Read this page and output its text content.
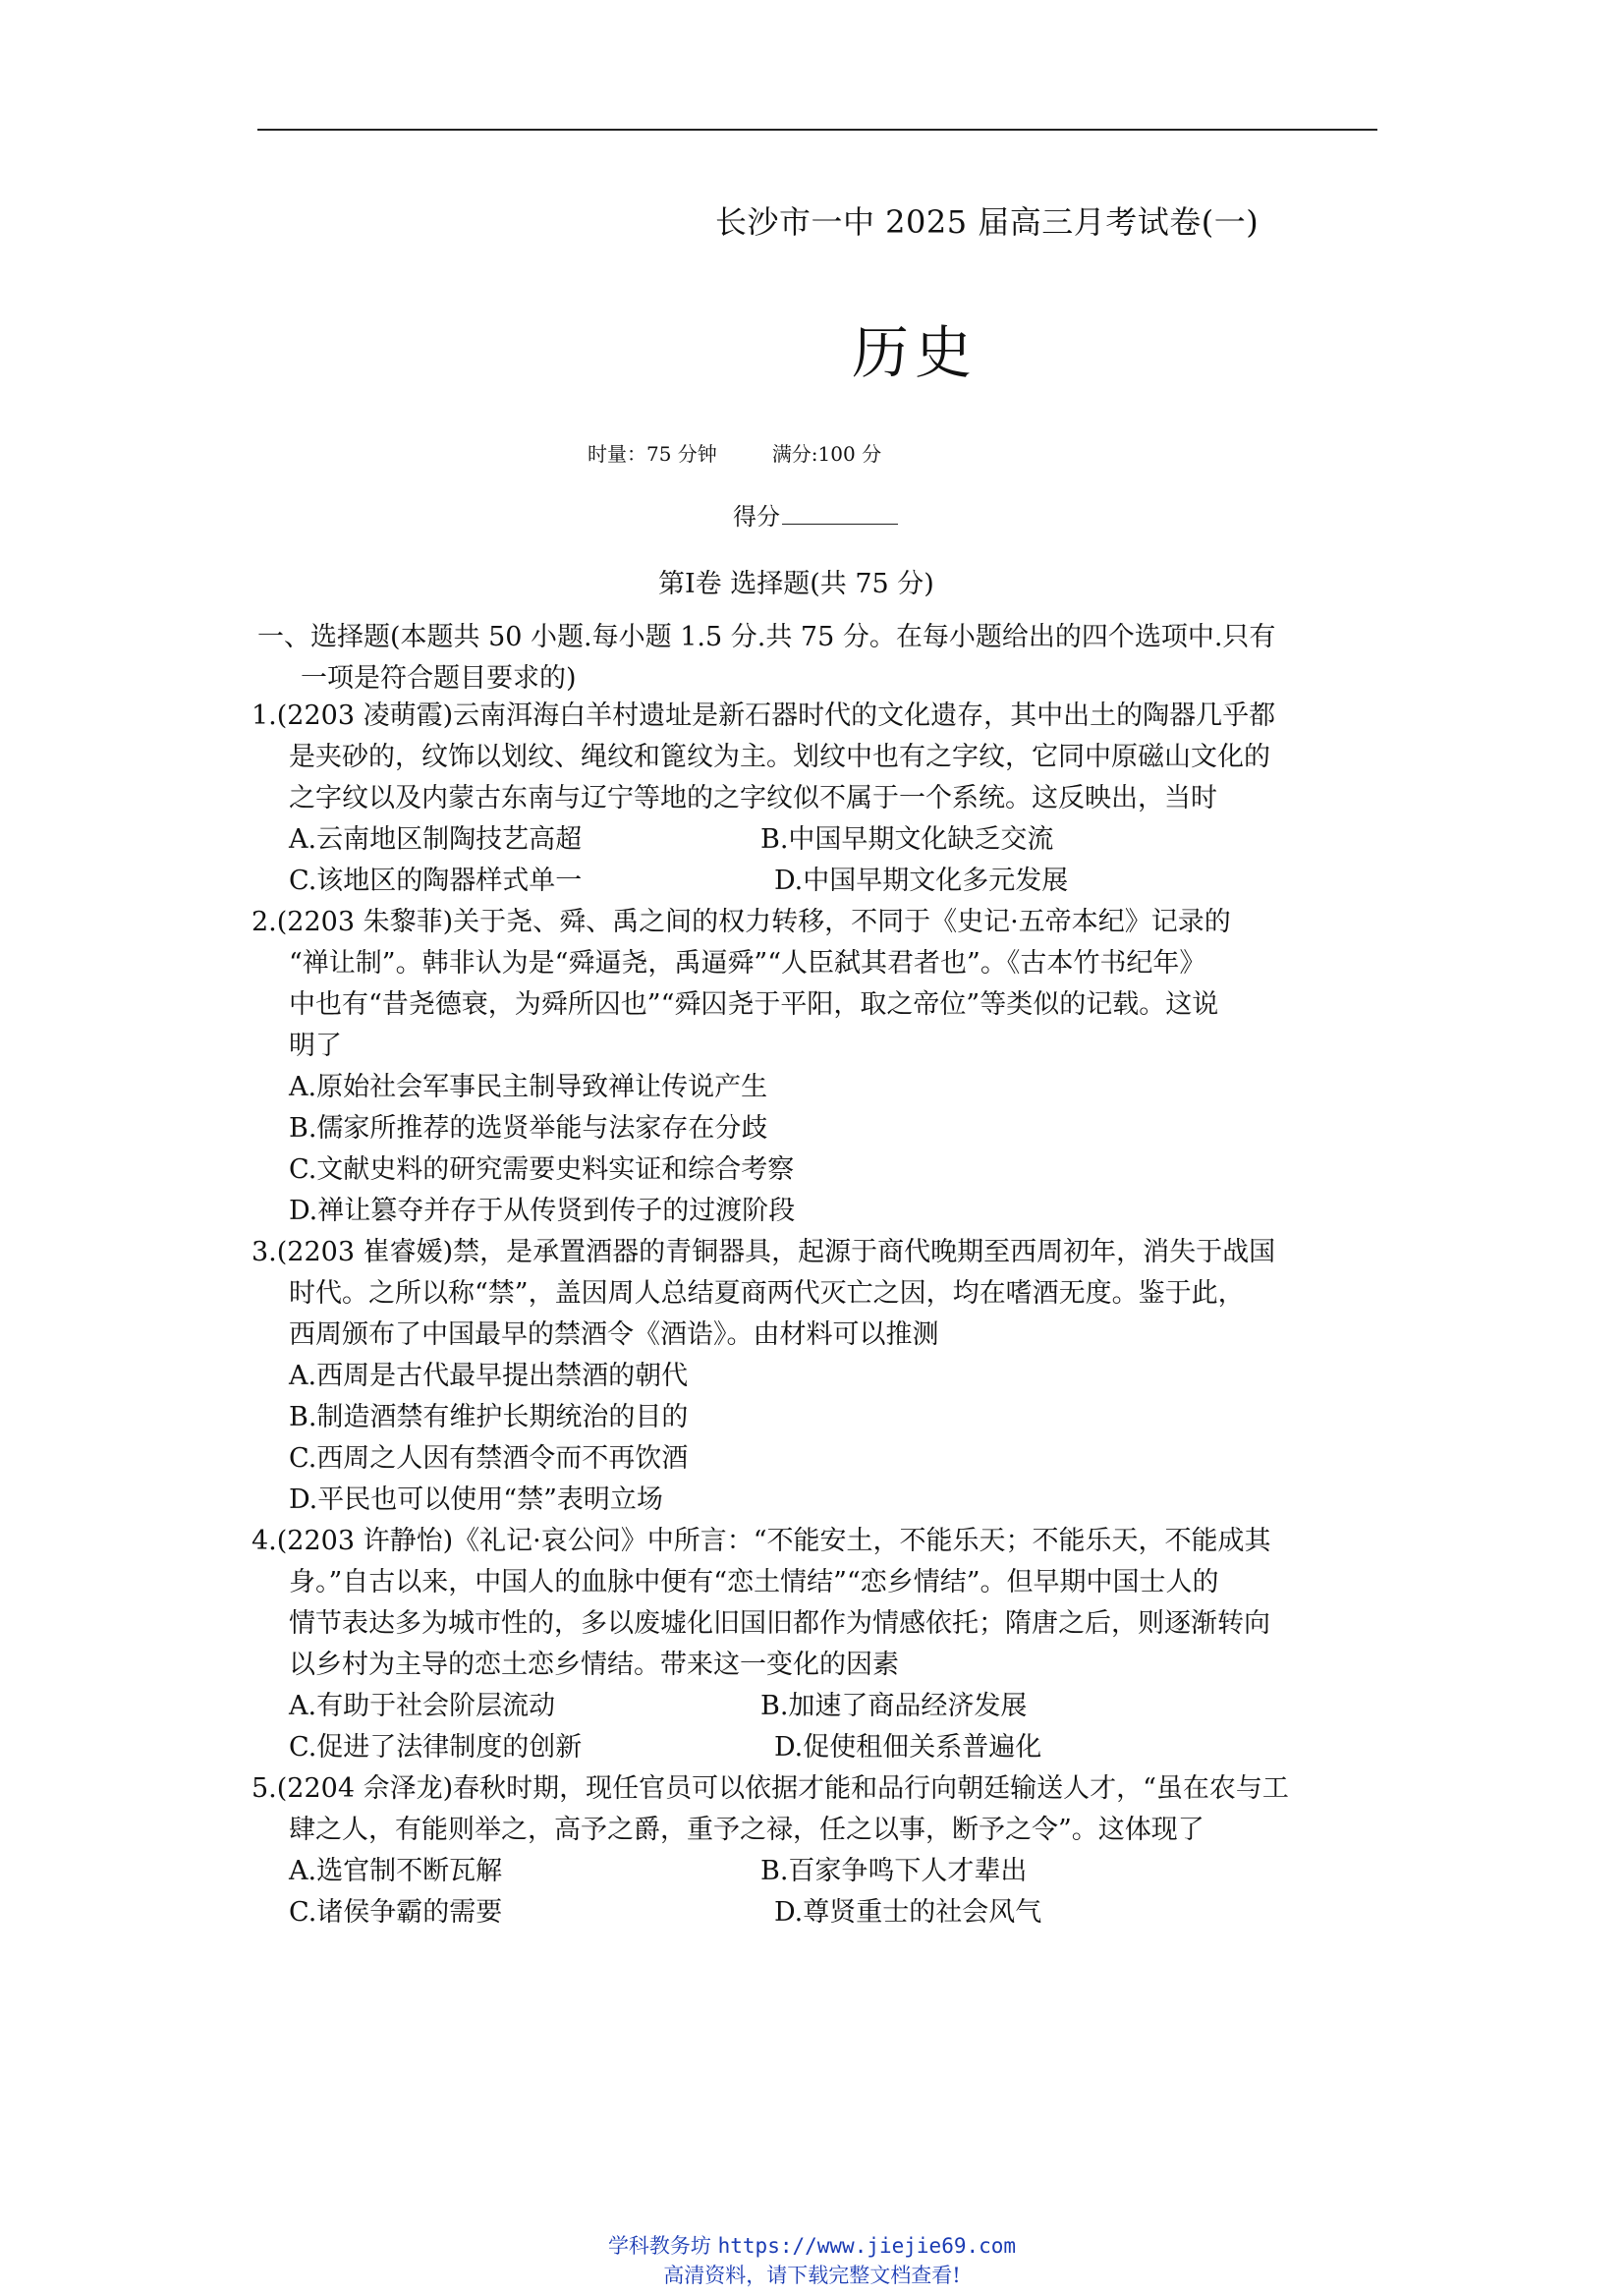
长沙市一中 2025 届高三月考试卷(一)
历史
时量：75 分钟	满分:100 分
得分
第Ⅰ卷 选择题(共 75 分)
一、选择题(本题共 50 小题.每小题 1.5 分.共 75 分。在每小题给出的四个选项中.只有
一项是符合题目要求的)
1.(2203 凌萌霞)云南洱海白羊村遗址是新石器时代的文化遗存，其中出土的陶器几乎都
是夹砂的，纹饰以划纹、绳纹和篦纹为主。划纹中也有之字纹，它同中原磁山文化的
之字纹以及内蒙古东南与辽宁等地的之字纹似不属于一个系统。这反映出，当时
A.云南地区制陶技艺高超	B.中国早期文化缺乏交流
C.该地区的陶器样式单一	D.中国早期文化多元发展
2.(2203 朱黎菲)关于尧、舜、禹之间的权力转移，不同于《史记·五帝本纪》记录的
“禅让制”。韩非认为是“舜逼尧，禹逼舜”“人臣弑其君者也”。《古本竹书纪年》
中也有“昔尧德衰，为舜所囚也”“舜囚尧于平阳，取之帝位”等类似的记载。这说
明了
A.原始社会军事民主制导致禅让传说产生
B.儒家所推荐的选贤举能与法家存在分歧
C.文献史料的研究需要史料实证和综合考察
D.禅让篡夺并存于从传贤到传子的过渡阶段
3.(2203 崔睿媛)禁，是承置酒器的青铜器具，起源于商代晚期至西周初年，消失于战国
时代。之所以称“禁”，盖因周人总结夏商两代灭亡之因，均在嗜酒无度。鉴于此，
西周颁布了中国最早的禁酒令《酒诰》。由材料可以推测
A.西周是古代最早提出禁酒的朝代
B.制造酒禁有维护长期统治的目的
C.西周之人因有禁酒令而不再饮酒
D.平民也可以使用“禁”表明立场
4.(2203 许静怡)《礼记·哀公问》中所言：“不能安土，不能乐天；不能乐天，不能成其
身。”自古以来，中国人的血脉中便有“恋土情结”“恋乡情结”。但早期中国士人的
情节表达多为城市性的，多以废墟化旧国旧都作为情感依托；隋唐之后，则逐渐转向
以乡村为主导的恋土恋乡情结。带来这一变化的因素
A.有助于社会阶层流动	B.加速了商品经济发展
C.促进了法律制度的创新	D.促使租佃关系普遍化
5.(2204 佘泽龙)春秋时期，现任官员可以依据才能和品行向朝廷输送人才，“虽在农与工
肆之人，有能则举之，高予之爵，重予之禄，任之以事，断予之令”。这体现了
A.选官制不断瓦解	B.百家争鸣下人才辈出
C.诸侯争霸的需要	D.尊贤重士的社会风气
学科教务坊 https://www.jiejie69.com
高清资料，请下载完整文档查看!
